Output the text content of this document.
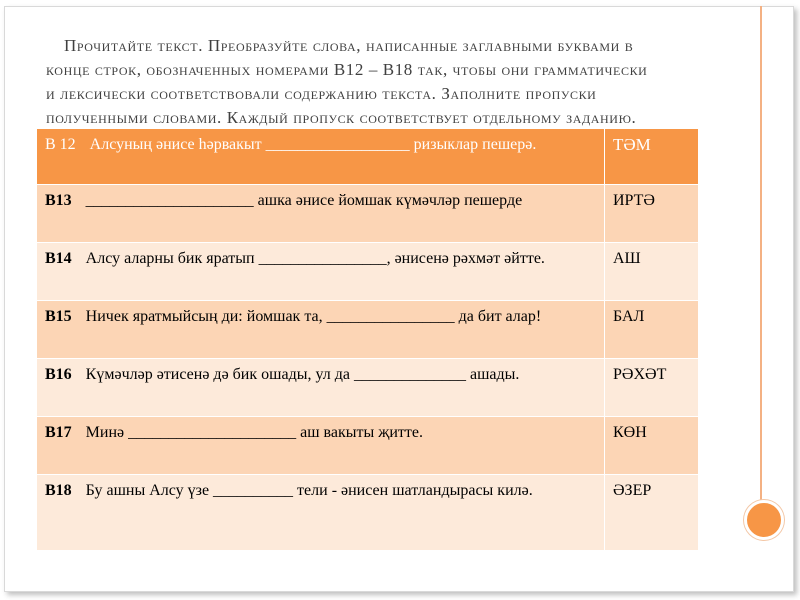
Прочитайте текст. Преобразуйте слова, написанные заглавными буквами в
конце строк, обозначенных номерами В12 – В18 так, чтобы они грамматически
и лексически соответствовали содержанию текста. Заполните пропуски
полученными словами. Каждый пропуск соответствует отдельному заданию.
В 12 Алсуның әнисе һәрвакыт __________________ ризыклар пешерә.	ТӘМ
В13 _____________________ ашка әнисе йомшак күмәчләр пешерде	ИРТӘ
В14 Алсу аларны бик яратып ________________, әнисенә рәхмәт әйтте.	АШ
В15 Ничек яратмыйсың ди: йомшак та, ________________ да бит алар!	БАЛ
В16 Күмәчләр әтисенә дә бик ошады, ул да ______________ ашады.	РӘХӘТ
В17 Минә _____________________ аш вакыты җитте.	КӨН
В18 Бу ашны Алсу үзе __________ тели - әнисен шатландырасы килә.	ӘЗЕР
